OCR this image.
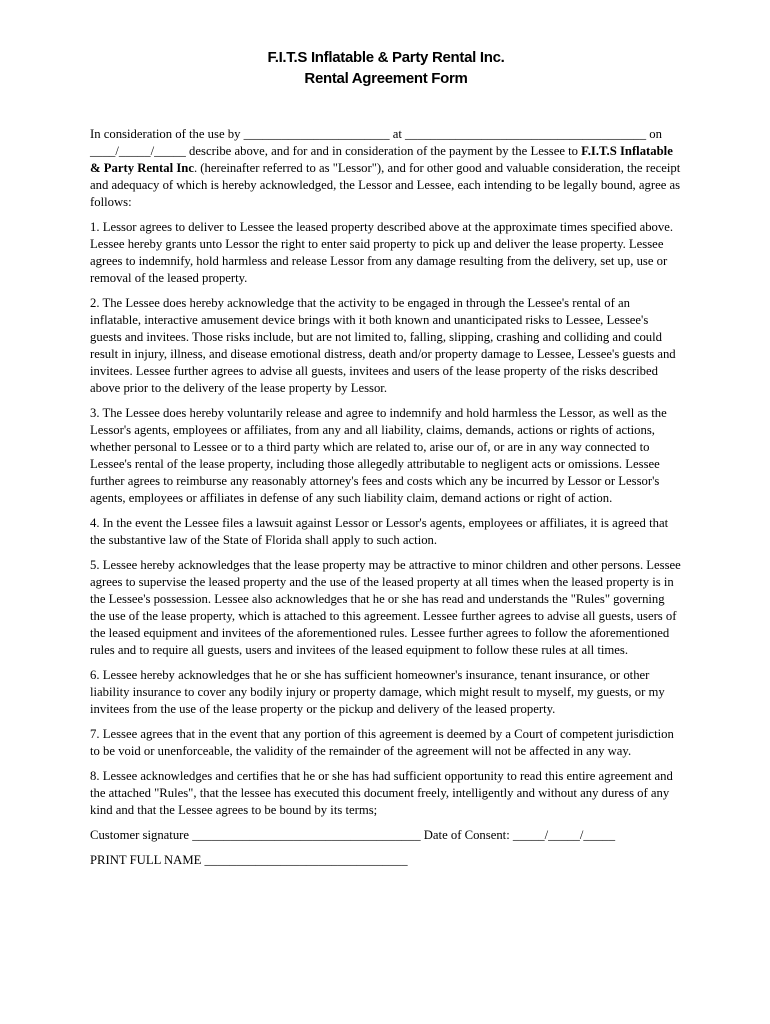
F.I.T.S Inflatable & Party Rental Inc.
Rental Agreement Form

In consideration of the use by _______________________ at ______________________________________ on ____/_____/_____ describe above, and for and in consideration of the payment by the Lessee to F.I.T.S Inflatable & Party Rental Inc. (hereinafter referred to as "Lessor"), and for other good and valuable consideration, the receipt and adequacy of which is hereby acknowledged, the Lessor and Lessee, each intending to be legally bound, agree as follows:

1. Lessor agrees to deliver to Lessee the leased property described above at the approximate times specified above. Lessee hereby grants unto Lessor the right to enter said property to pick up and deliver the lease property. Lessee agrees to indemnify, hold harmless and release Lessor from any damage resulting from the delivery, set up, use or removal of the leased property.

2. The Lessee does hereby acknowledge that the activity to be engaged in through the Lessee's rental of an inflatable, interactive amusement device brings with it both known and unanticipated risks to Lessee, Lessee's guests and invitees. Those risks include, but are not limited to, falling, slipping, crashing and colliding and could result in injury, illness, and disease emotional distress, death and/or property damage to Lessee, Lessee's guests and invitees. Lessee further agrees to advise all guests, invitees and users of the lease property of the risks described above prior to the delivery of the lease property by Lessor.

3. The Lessee does hereby voluntarily release and agree to indemnify and hold harmless the Lessor, as well as the Lessor's agents, employees or affiliates, from any and all liability, claims, demands, actions or rights of actions, whether personal to Lessee or to a third party which are related to, arise our of, or are in any way connected to Lessee's rental of the lease property, including those allegedly attributable to negligent acts or omissions. Lessee further agrees to reimburse any reasonably attorney's fees and costs which any be incurred by Lessor or Lessor's agents, employees or affiliates in defense of any such liability claim, demand actions or right of action.

4. In the event the Lessee files a lawsuit against Lessor or Lessor's agents, employees or affiliates, it is agreed that the substantive law of the State of Florida shall apply to such action.

5. Lessee hereby acknowledges that the lease property may be attractive to minor children and other persons. Lessee agrees to supervise the leased property and the use of the leased property at all times when the leased property is in the Lessee's possession. Lessee also acknowledges that he or she has read and understands the "Rules" governing the use of the lease property, which is attached to this agreement. Lessee further agrees to advise all guests, users of the leased equipment and invitees of the aforementioned rules. Lessee further agrees to follow the aforementioned rules and to require all guests, users and invitees of the leased equipment to follow these rules at all times.

6. Lessee hereby acknowledges that he or she has sufficient homeowner's insurance, tenant insurance, or other liability insurance to cover any bodily injury or property damage, which might result to myself, my guests, or my invitees from the use of the lease property or the pickup and delivery of the leased property.

7. Lessee agrees that in the event that any portion of this agreement is deemed by a Court of competent jurisdiction to be void or unenforceable, the validity of the remainder of the agreement will not be affected in any way.

8. Lessee acknowledges and certifies that he or she has had sufficient opportunity to read this entire agreement and the attached "Rules", that the lessee has executed this document freely, intelligently and without any duress of any kind and that the Lessee agrees to be bound by its terms;

Customer signature ____________________________________ Date of Consent: _____/_____/_____

PRINT FULL NAME ________________________________
